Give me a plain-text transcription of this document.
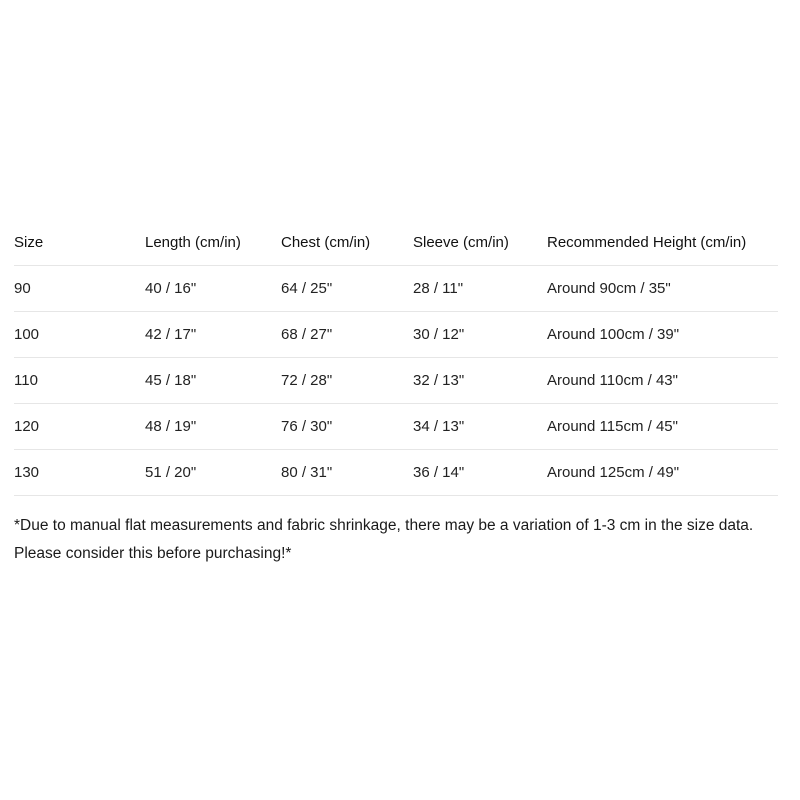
Size	Length (cm/in)	Chest (cm/in)	Sleeve (cm/in)	Recommended Height (cm/in)
90	40 / 16"	64 / 25"	28 / 11"	Around 90cm / 35"
100	42 / 17"	68 / 27"	30 / 12"	Around 100cm / 39"
110	45 / 18"	72 / 28"	32 / 13"	Around 110cm / 43"
120	48 / 19"	76 / 30"	34 / 13"	Around 115cm / 45"
130	51 / 20"	80 / 31"	36 / 14"	Around 125cm / 49"

*Due to manual flat measurements and fabric shrinkage, there may be a variation of 1-3 cm in the size data. Please consider this before purchasing!*
